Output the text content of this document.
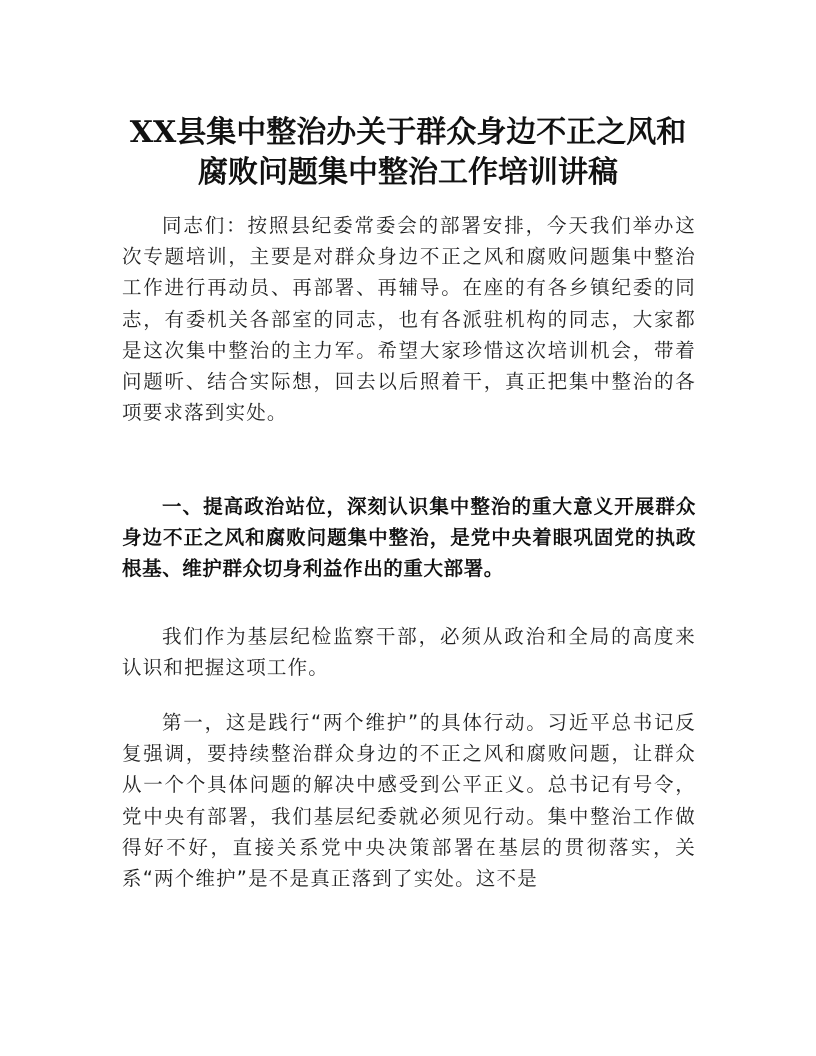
XX县集中整治办关于群众身边不正之风和
腐败问题集中整治工作培训讲稿

同志们：按照县纪委常委会的部署安排，今天我们举办这次专题培训，主要是对群众身边不正之风和腐败问题集中整治工作进行再动员、再部署、再辅导。在座的有各乡镇纪委的同志，有委机关各部室的同志，也有各派驻机构的同志，大家都是这次集中整治的主力军。希望大家珍惜这次培训机会，带着问题听、结合实际想，回去以后照着干，真正把集中整治的各项要求落到实处。

一、提高政治站位，深刻认识集中整治的重大意义开展群众身边不正之风和腐败问题集中整治，是党中央着眼巩固党的执政根基、维护群众切身利益作出的重大部署。

我们作为基层纪检监察干部，必须从政治和全局的高度来认识和把握这项工作。

第一，这是践行“两个维护”的具体行动。习近平总书记反复强调，要持续整治群众身边的不正之风和腐败问题，让群众从一个个具体问题的解决中感受到公平正义。总书记有号令，党中央有部署，我们基层纪委就必须见行动。集中整治工作做得好不好，直接关系党中央决策部署在基层的贯彻落实，关系“两个维护”是不是真正落到了实处。这不是
